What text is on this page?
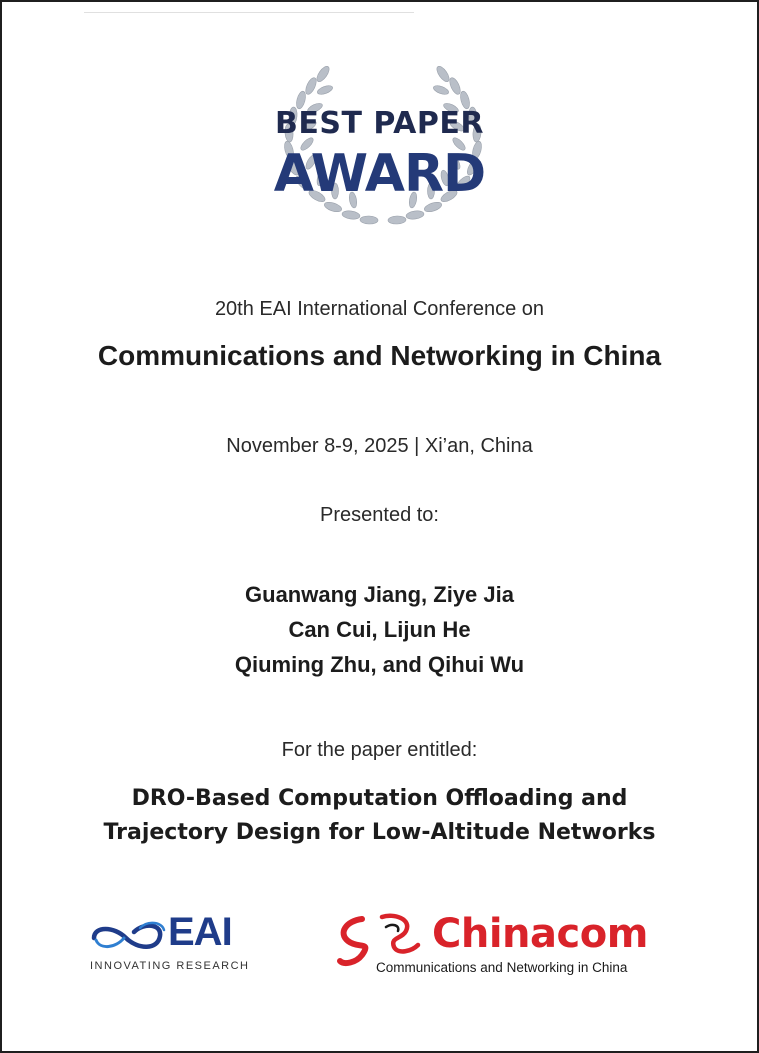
BEST PAPER
AWARD
20th EAI International Conference on
Communications and Networking in China
November 8-9, 2025 | Xi’an, China
Presented to:
Guanwang Jiang, Ziye Jia
Can Cui, Lijun He
Qiuming Zhu, and Qihui Wu
For the paper entitled:
DRO-Based Computation Offloading and
Trajectory Design for Low-Altitude Networks
EAI
INNOVATING RESEARCH
Chinacom
Communications and Networking in China
